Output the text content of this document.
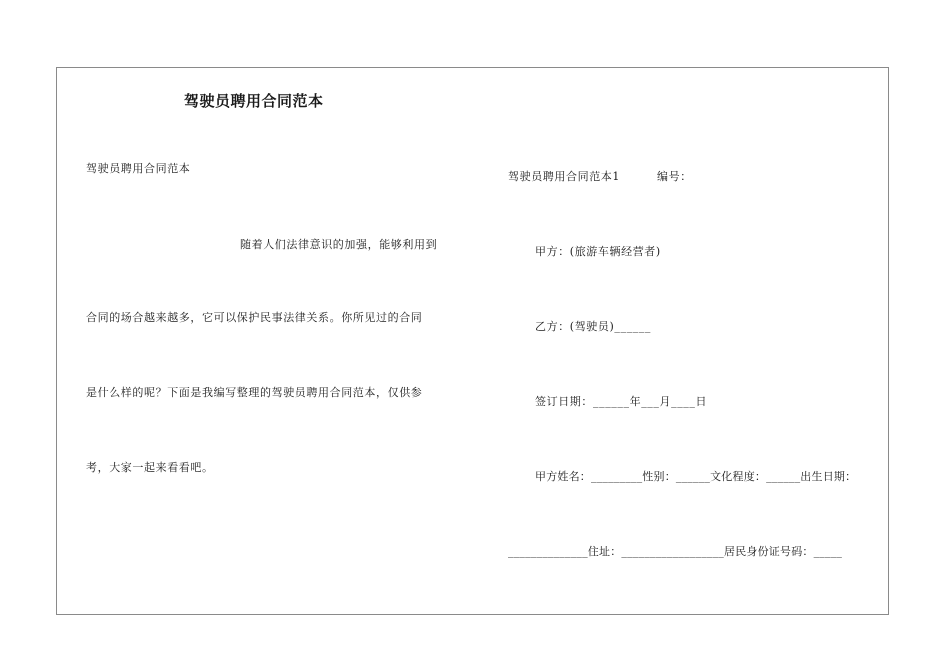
驾驶员聘用合同范本
驾驶员聘用合同范本
随着人们法律意识的加强，能够利用到
合同的场合越来越多，它可以保护民事法律关系。你所见过的合同
是什么样的呢？下面是我编写整理的驾驶员聘用合同范本，仅供参
考，大家一起来看看吧。
驾驶员聘用合同范本1	编号：
甲方：(旅游车辆经营者)
乙方：(驾驶员)______
签订日期：______年___月____日
甲方姓名：_________性别：______文化程度：______出生日期：
______________住址：__________________居民身份证号码：_____
